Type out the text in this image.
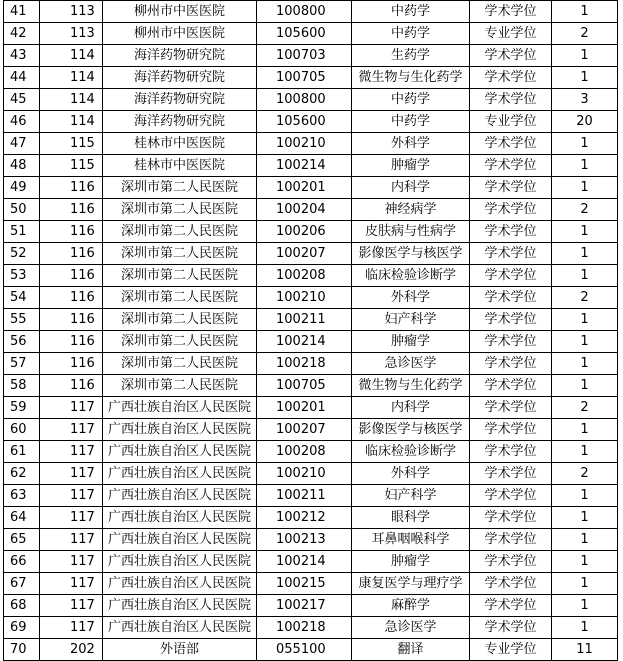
41	113	柳州市中医医院	100800	中药学	学术学位	1
42	113	柳州市中医医院	105600	中药学	专业学位	2
43	114	海洋药物研究院	100703	生药学	学术学位	1
44	114	海洋药物研究院	100705	微生物与生化药学	学术学位	1
45	114	海洋药物研究院	100800	中药学	学术学位	3
46	114	海洋药物研究院	105600	中药学	专业学位	20
47	115	桂林市中医医院	100210	外科学	学术学位	1
48	115	桂林市中医医院	100214	肿瘤学	学术学位	1
49	116	深圳市第二人民医院	100201	内科学	学术学位	1
50	116	深圳市第二人民医院	100204	神经病学	学术学位	2
51	116	深圳市第二人民医院	100206	皮肤病与性病学	学术学位	1
52	116	深圳市第二人民医院	100207	影像医学与核医学	学术学位	1
53	116	深圳市第二人民医院	100208	临床检验诊断学	学术学位	1
54	116	深圳市第二人民医院	100210	外科学	学术学位	2
55	116	深圳市第二人民医院	100211	妇产科学	学术学位	1
56	116	深圳市第二人民医院	100214	肿瘤学	学术学位	1
57	116	深圳市第二人民医院	100218	急诊医学	学术学位	1
58	116	深圳市第二人民医院	100705	微生物与生化药学	学术学位	1
59	117	广西壮族自治区人民医院	100201	内科学	学术学位	2
60	117	广西壮族自治区人民医院	100207	影像医学与核医学	学术学位	1
61	117	广西壮族自治区人民医院	100208	临床检验诊断学	学术学位	1
62	117	广西壮族自治区人民医院	100210	外科学	学术学位	2
63	117	广西壮族自治区人民医院	100211	妇产科学	学术学位	1
64	117	广西壮族自治区人民医院	100212	眼科学	学术学位	1
65	117	广西壮族自治区人民医院	100213	耳鼻咽喉科学	学术学位	1
66	117	广西壮族自治区人民医院	100214	肿瘤学	学术学位	1
67	117	广西壮族自治区人民医院	100215	康复医学与理疗学	学术学位	1
68	117	广西壮族自治区人民医院	100217	麻醉学	学术学位	1
69	117	广西壮族自治区人民医院	100218	急诊医学	学术学位	1
70	202	外语部	055100	翻译	专业学位	11
